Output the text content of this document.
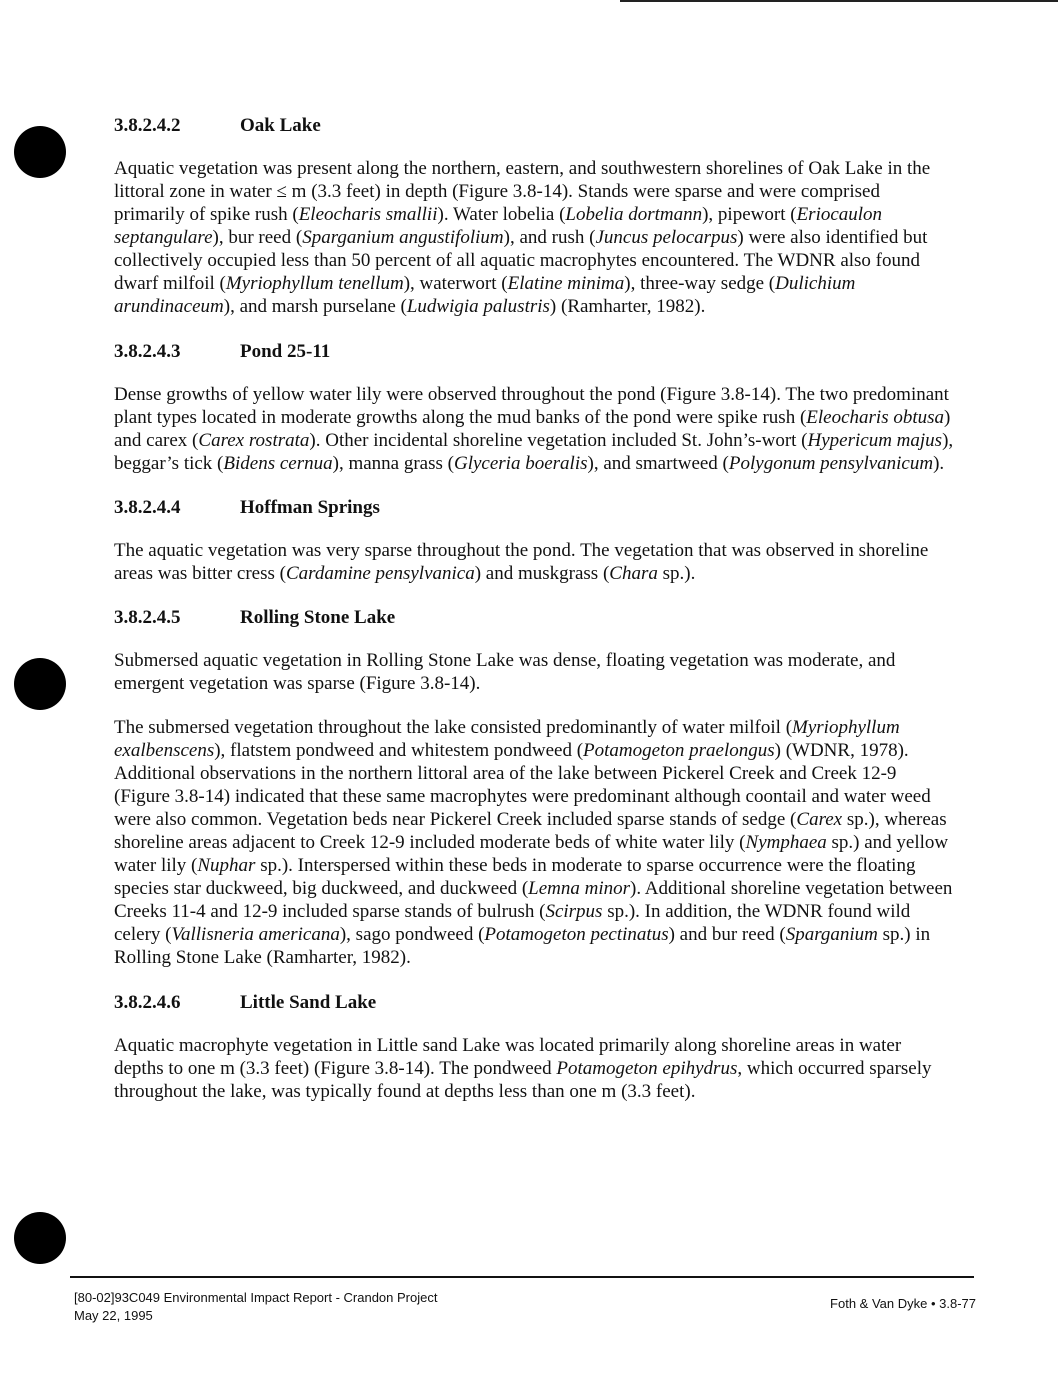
3.8.2.4.2	Oak Lake

Aquatic vegetation was present along the northern, eastern, and southwestern shorelines of Oak Lake in the littoral zone in water ≤ m (3.3 feet) in depth (Figure 3.8-14). Stands were sparse and were comprised primarily of spike rush (Eleocharis smallii). Water lobelia (Lobelia dortmann), pipewort (Eriocaulon septangulare), bur reed (Sparganium angustifolium), and rush (Juncus pelocarpus) were also identified but collectively occupied less than 50 percent of all aquatic macrophytes encountered. The WDNR also found dwarf milfoil (Myriophyllum tenellum), waterwort (Elatine minima), three-way sedge (Dulichium arundinaceum), and marsh purselane (Ludwigia palustris) (Ramharter, 1982).

3.8.2.4.3	Pond 25-11

Dense growths of yellow water lily were observed throughout the pond (Figure 3.8-14). The two predominant plant types located in moderate growths along the mud banks of the pond were spike rush (Eleocharis obtusa) and carex (Carex rostrata). Other incidental shoreline vegetation included St. John’s-wort (Hypericum majus), beggar’s tick (Bidens cernua), manna grass (Glyceria boeralis), and smartweed (Polygonum pensylvanicum).

3.8.2.4.4	Hoffman Springs

The aquatic vegetation was very sparse throughout the pond. The vegetation that was observed in shoreline areas was bitter cress (Cardamine pensylvanica) and muskgrass (Chara sp.).

3.8.2.4.5	Rolling Stone Lake

Submersed aquatic vegetation in Rolling Stone Lake was dense, floating vegetation was moderate, and emergent vegetation was sparse (Figure 3.8-14).

The submersed vegetation throughout the lake consisted predominantly of water milfoil (Myriophyllum exalbenscens), flatstem pondweed and whitestem pondweed (Potamogeton praelongus) (WDNR, 1978). Additional observations in the northern littoral area of the lake between Pickerel Creek and Creek 12-9 (Figure 3.8-14) indicated that these same macrophytes were predominant although coontail and water weed were also common. Vegetation beds near Pickerel Creek included sparse stands of sedge (Carex sp.), whereas shoreline areas adjacent to Creek 12-9 included moderate beds of white water lily (Nymphaea sp.) and yellow water lily (Nuphar sp.). Interspersed within these beds in moderate to sparse occurrence were the floating species star duckweed, big duckweed, and duckweed (Lemna minor). Additional shoreline vegetation between Creeks 11-4 and 12-9 included sparse stands of bulrush (Scirpus sp.). In addition, the WDNR found wild celery (Vallisneria americana), sago pondweed (Potamogeton pectinatus) and bur reed (Sparganium sp.) in Rolling Stone Lake (Ramharter, 1982).

3.8.2.4.6	Little Sand Lake

Aquatic macrophyte vegetation in Little sand Lake was located primarily along shoreline areas in water depths to one m (3.3 feet) (Figure 3.8-14). The pondweed Potamogeton epihydrus, which occurred sparsely throughout the lake, was typically found at depths less than one m (3.3 feet).

[80-02]93C049 Environmental Impact Report - Crandon Project
May 22, 1995
Foth & Van Dyke • 3.8-77
